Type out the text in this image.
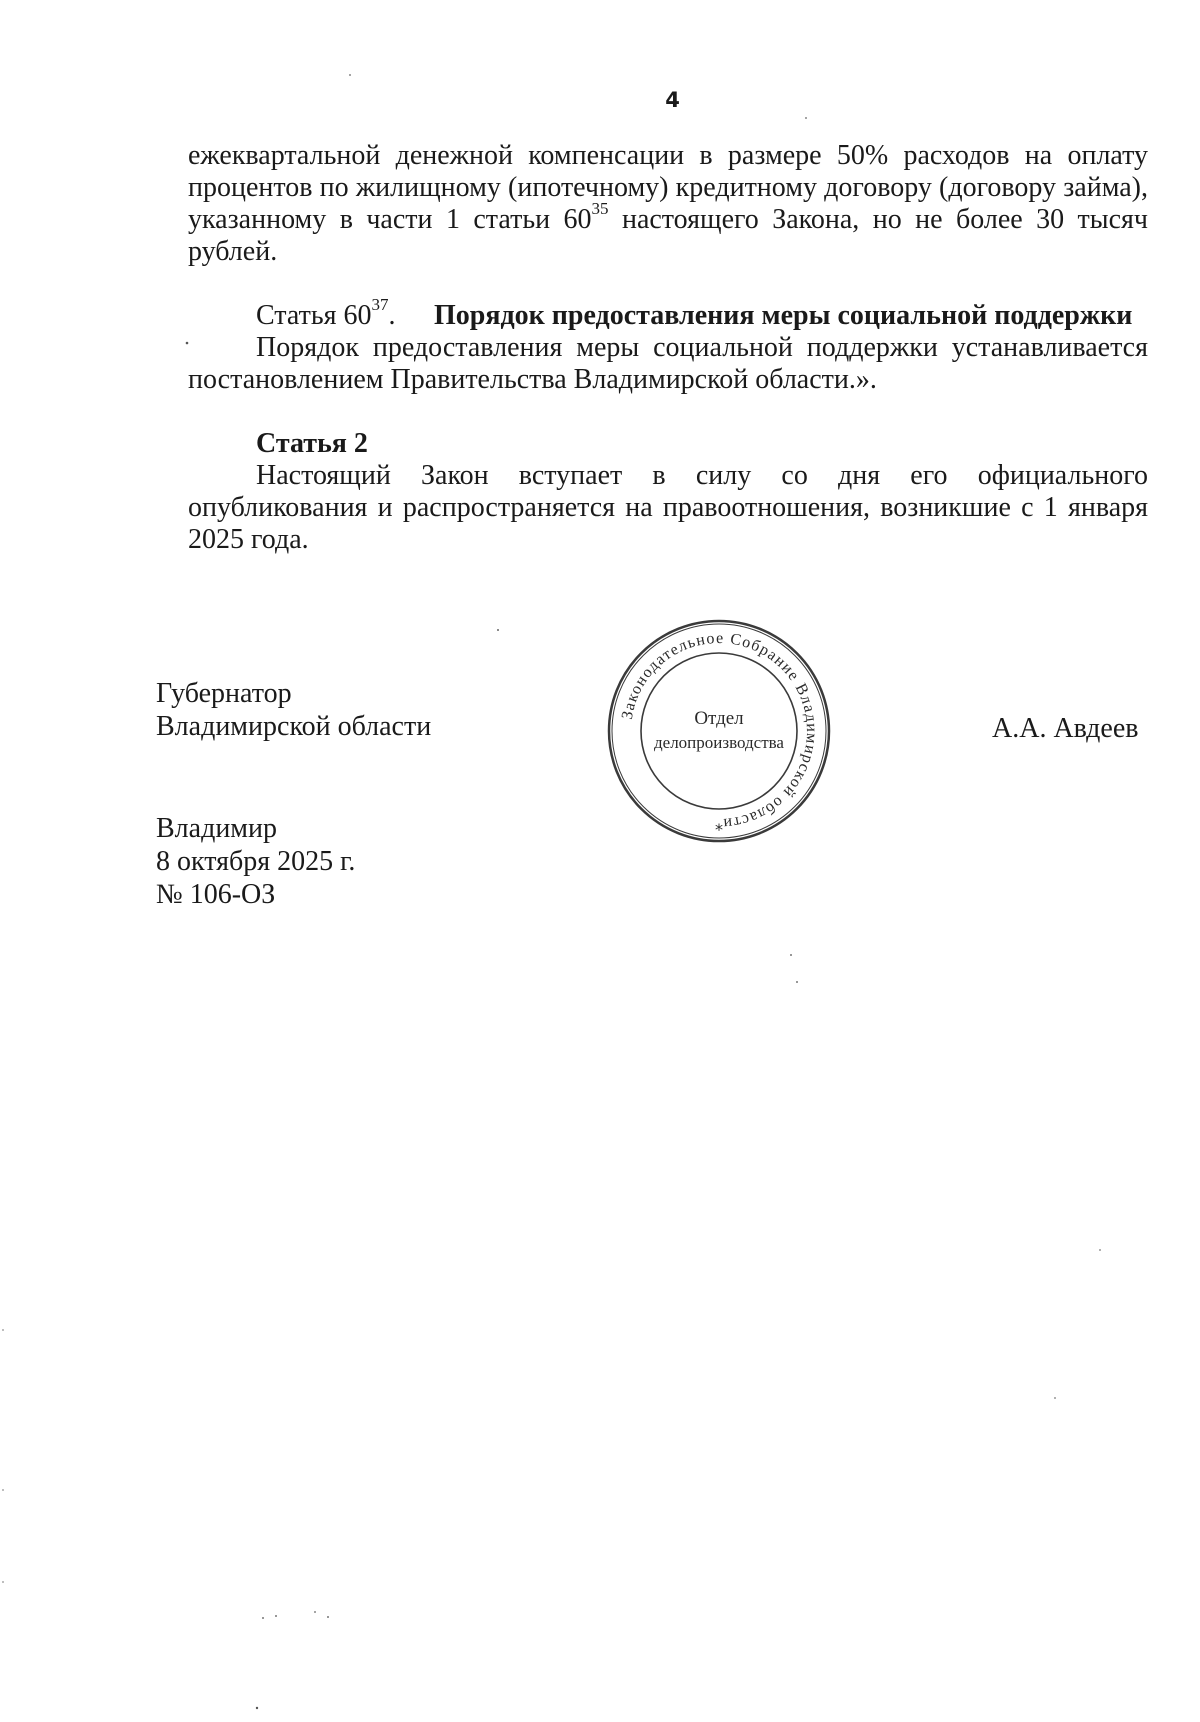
4

ежеквартальной денежной компенсации в размере 50% расходов на оплату процентов по жилищному (ипотечному) кредитному договору (договору займа), указанному в части 1 статьи $60^{35}$ настоящего Закона, но не более 30 тысяч рублей.

Статья $60^{37}$. Порядок предоставления меры социальной поддержки

Порядок предоставления меры социальной поддержки устанавливается постановлением Правительства Владимирской области.».

Статья 2

Настоящий Закон вступает в силу со дня его официального опубликования и распространяется на правоотношения, возникшие с 1 января 2025 года.

Губернатор
Владимирской области	А.А. Авдеев
Владимир
8 октября 2025 г.
№ 106-ОЗ
Законодательное Собрание Владимирской области
Отдел
делопроизводства
*
